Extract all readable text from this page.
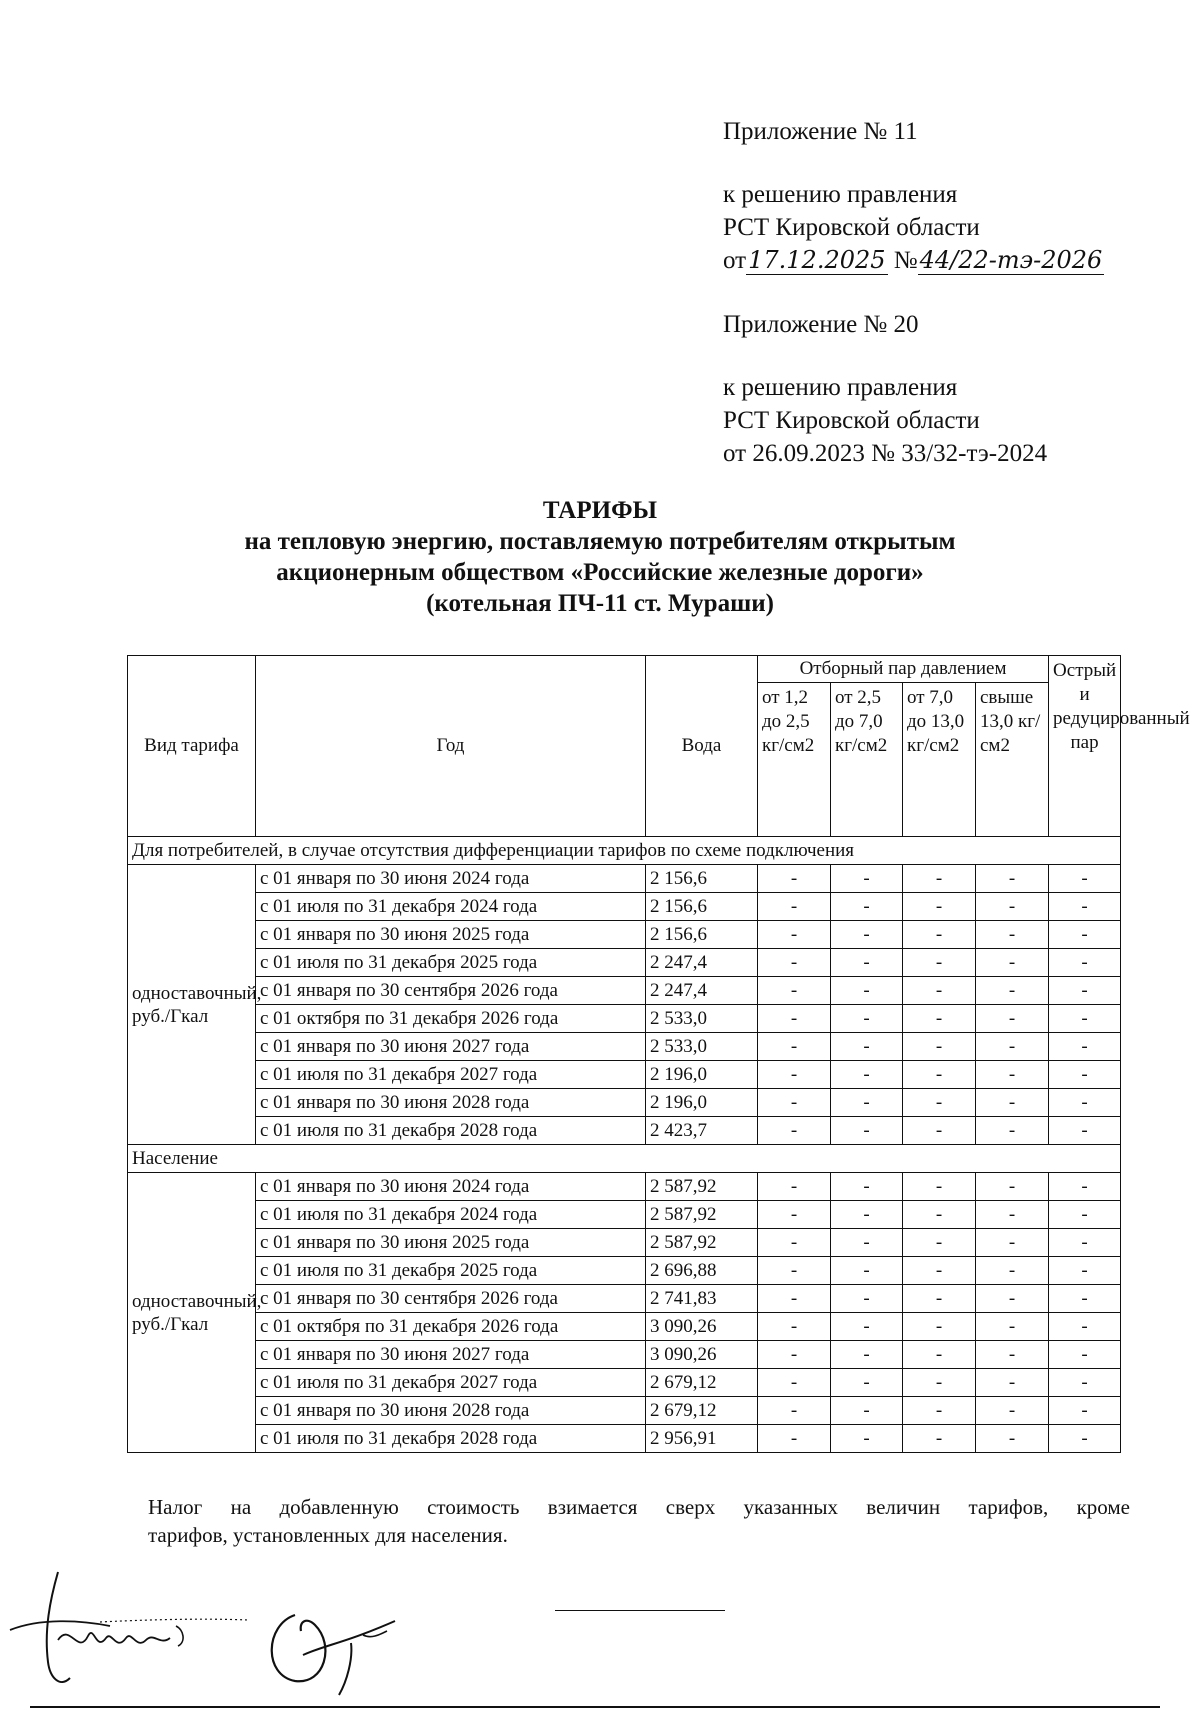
Приложение № 11

к решению правления

РСТ Кировской области

от17.12.2025 №44/22-тэ-2026

Приложение № 20

к решению правления

РСТ Кировской области

от 26.09.2023 № 33/32-тэ-2024

ТАРИФЫ

на тепловую энергию, поставляемую потребителям открытым

акционерным обществом «Российские железные дороги»

(котельная ПЧ-11 ст. Мураши)

Вид тарифа	Год	Вода	Отборный пар давлением				Острый и редуцированный пар
			от 1,2 до 2,5 кг/см2	от 2,5 до 7,0 кг/см2	от 7,0 до 13,0 кг/см2	свыше 13,0 кг/см2	
Для потребителей, в случае отсутствия дифференциации тарифов по схеме подключения							
одноставочный, руб./Гкал	с 01 января по 30 июня 2024 года	2 156,6	-	-	-	-	-
	с 01 июля по 31 декабря 2024 года	2 156,6	-	-	-	-	-
	с 01 января по 30 июня 2025 года	2 156,6	-	-	-	-	-
	с 01 июля по 31 декабря 2025 года	2 247,4	-	-	-	-	-
	с 01 января по 30 сентября 2026 года	2 247,4	-	-	-	-	-
	с 01 октября по 31 декабря 2026 года	2 533,0	-	-	-	-	-
	с 01 января по 30 июня 2027 года	2 533,0	-	-	-	-	-
	с 01 июля по 31 декабря 2027 года	2 196,0	-	-	-	-	-
	с 01 января по 30 июня 2028 года	2 196,0	-	-	-	-	-
	с 01 июля по 31 декабря 2028 года	2 423,7	-	-	-	-	-
Население							
одноставочный, руб./Гкал	с 01 января по 30 июня 2024 года	2 587,92	-	-	-	-	-
	с 01 июля по 31 декабря 2024 года	2 587,92	-	-	-	-	-
	с 01 января по 30 июня 2025 года	2 587,92	-	-	-	-	-
	с 01 июля по 31 декабря 2025 года	2 696,88	-	-	-	-	-
	с 01 января по 30 сентября 2026 года	2 741,83	-	-	-	-	-
	с 01 октября по 31 декабря 2026 года	3 090,26	-	-	-	-	-
	с 01 января по 30 июня 2027 года	3 090,26	-	-	-	-	-
	с 01 июля по 31 декабря 2027 года	2 679,12	-	-	-	-	-
	с 01 января по 30 июня 2028 года	2 679,12	-	-	-	-	-
	с 01 июля по 31 декабря 2028 года	2 956,91	-	-	-	-	-
Налог на добавленную стоимость взимается сверх указанных величин тарифов, кроме
тарифов, установленных для населения.
